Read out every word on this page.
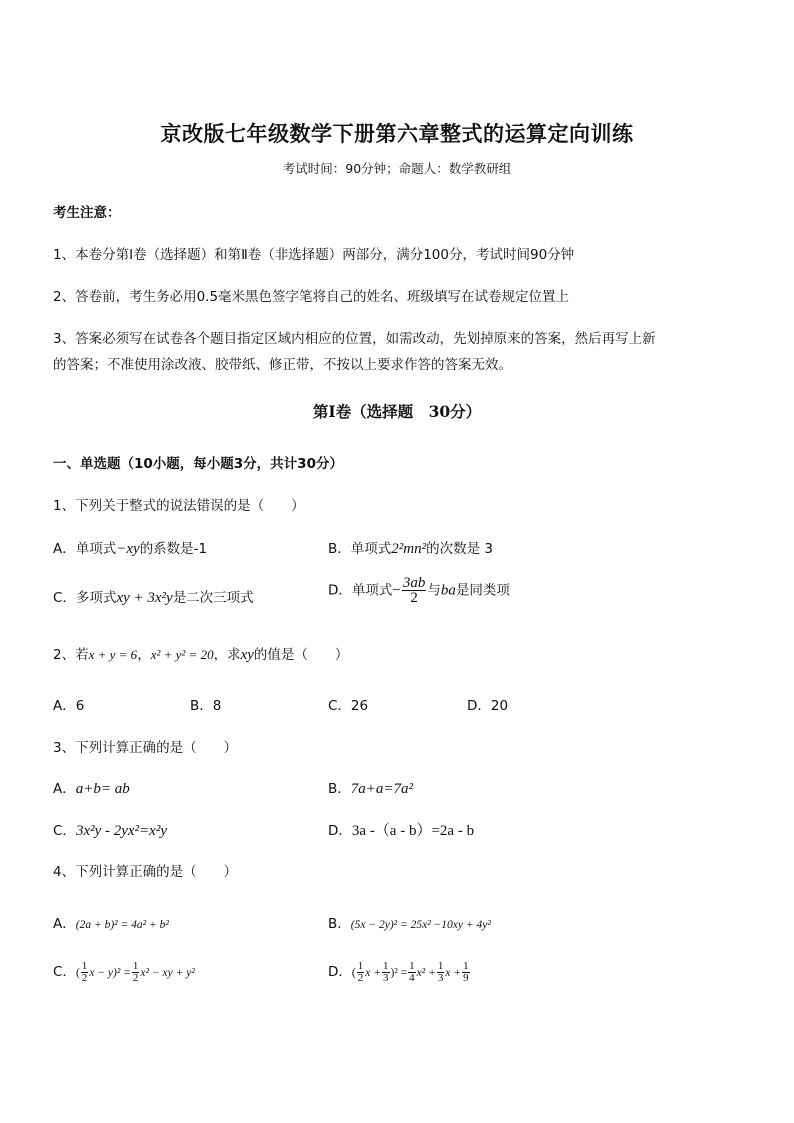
京改版七年级数学下册第六章整式的运算定向训练
考试时间：90分钟；命题人：数学教研组
考生注意：
1、本卷分第Ⅰ卷（选择题）和第Ⅱ卷（非选择题）两部分，满分100分，考试时间90分钟
2、答卷前，考生务必用0.5毫米黑色签字笔将自己的姓名、班级填写在试卷规定位置上
3、答案必须写在试卷各个题目指定区域内相应的位置，如需改动，先划掉原来的答案，然后再写上新
的答案；不准使用涂改液、胶带纸、修正带，不按以上要求作答的答案无效。
第Ⅰ卷（选择题　30分）
一、单选题（10小题，每小题3分，共计30分）
1、下列关于整式的说法错误的是（　　）
A．单项式−xy的系数是-1	B．单项式2²mn²的次数是 3
C．多项式xy + 3x²y是二次三项式	D．单项式− $\frac{3ab}{2}$ 与ba是同类项
2、若x + y = 6，x² + y² = 20，求xy的值是（　　）
A．6	B．8	C．26	D．20
3、下列计算正确的是（　　）
A．a+b= ab	B．7a+a=7a²
C．3x²y - 2yx²=x²y	D．3a -（a - b）=2a - b
4、下列计算正确的是（　　）
A．(2a + b)² = 4a² + b²	B．(5x − 2y)² = 25x² −10xy + 4y²
C．( $\frac{1}{2}$ $x - y)^2 = \frac{1}{2} x^2$ − xy + y²	D．( $\frac{1}{2}$ $x + \frac{1}{3} )^2 = \frac{1}{4} x^2 + \frac{1}{3}$ $x + \frac{1}{9}$
